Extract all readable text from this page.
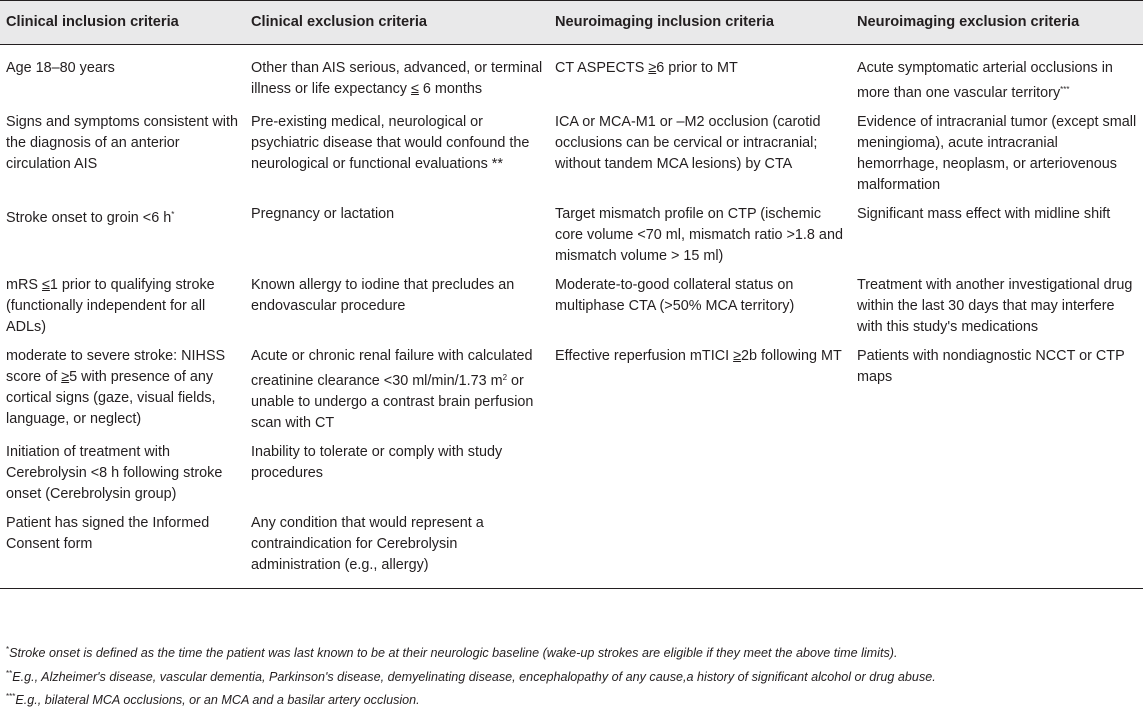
Clinical inclusion criteria	Clinical exclusion criteria	Neuroimaging inclusion criteria	Neuroimaging exclusion criteria
Age 18–80 years	Other than AIS serious, advanced, or terminal illness or life expectancy ≤ 6 months	CT ASPECTS ≥6 prior to MT	Acute symptomatic arterial occlusions in more than one vascular territory***
Signs and symptoms consistent with the diagnosis of an anterior circulation AIS	Pre-existing medical, neurological or psychiatric disease that would confound the neurological or functional evaluations **	ICA or MCA-M1 or –M2 occlusion (carotid occlusions can be cervical or intracranial; without tandem MCA lesions) by CTA	Evidence of intracranial tumor (except small meningioma), acute intracranial hemorrhage, neoplasm, or arteriovenous malformation
Stroke onset to groin <6 h*	Pregnancy or lactation	Target mismatch profile on CTP (ischemic core volume <70 ml, mismatch ratio >1.8 and mismatch volume > 15 ml)	Significant mass effect with midline shift
mRS ≤1 prior to qualifying stroke (functionally independent for all ADLs)	Known allergy to iodine that precludes an endovascular procedure	Moderate-to-good collateral status on multiphase CTA (>50% MCA territory)	Treatment with another investigational drug within the last 30 days that may interfere with this study's medications
moderate to severe stroke: NIHSS score of ≥5 with presence of any cortical signs (gaze, visual fields, language, or neglect)	Acute or chronic renal failure with calculated creatinine clearance <30 ml/min/1.73 $m^2$ or unable to undergo a contrast brain perfusion scan with CT	Effective reperfusion mTICI ≥2b following MT	Patients with nondiagnostic NCCT or CTP maps
Initiation of treatment with Cerebrolysin <8 h following stroke onset (Cerebrolysin group)	Inability to tolerate or comply with study procedures		
Patient has signed the Informed Consent form	Any condition that would represent a contraindication for Cerebrolysin administration (e.g., allergy)		
*Stroke onset is defined as the time the patient was last known to be at their neurologic baseline (wake-up strokes are eligible if they meet the above time limits).
**E.g., Alzheimer's disease, vascular dementia, Parkinson's disease, demyelinating disease, encephalopathy of any cause,a history of significant alcohol or drug abuse.
***E.g., bilateral MCA occlusions, or an MCA and a basilar artery occlusion.
